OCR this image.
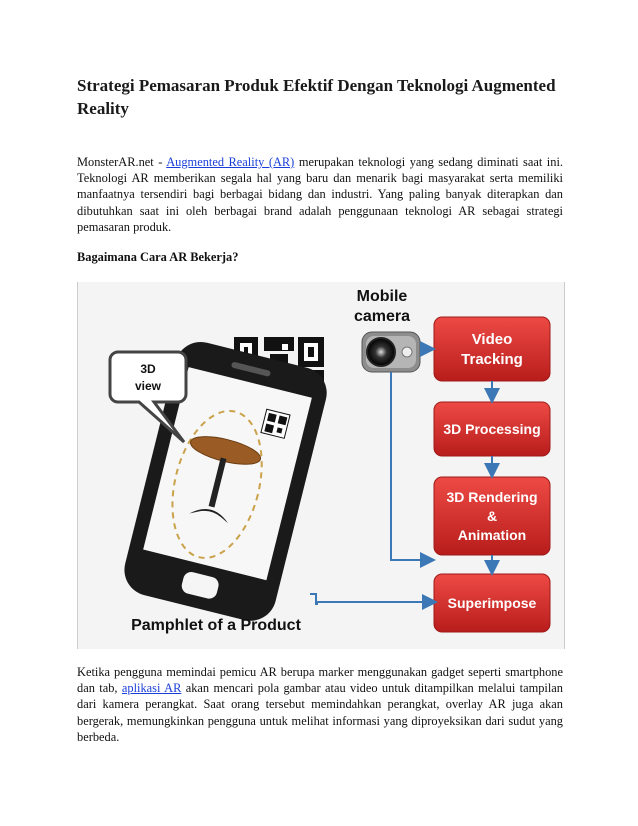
Strategi Pemasaran Produk Efektif Dengan Teknologi Augmented Reality

MonsterAR.net - Augmented Reality (AR) merupakan teknologi yang sedang diminati saat ini. Teknologi AR memberikan segala hal yang baru dan menarik bagi masyarakat serta memiliki manfaatnya tersendiri bagi berbagai bidang dan industri. Yang paling banyak diterapkan dan dibutuhkan saat ini oleh berbagai brand adalah penggunaan teknologi AR sebagai strategi pemasaran produk.

Bagaimana Cara AR Bekerja?
3D
view
Mobile
camera
Video
Tracking
3D Processing
3D Rendering
&
Animation
Superimpose
Pamphlet of a Product

Ketika pengguna memindai pemicu AR berupa marker menggunakan gadget seperti smartphone dan tab, aplikasi AR akan mencari pola gambar atau video untuk ditampilkan melalui tampilan dari kamera perangkat. Saat orang tersebut memindahkan perangkat, overlay AR juga akan bergerak, memungkinkan pengguna untuk melihat informasi yang diproyeksikan dari sudut yang berbeda.
